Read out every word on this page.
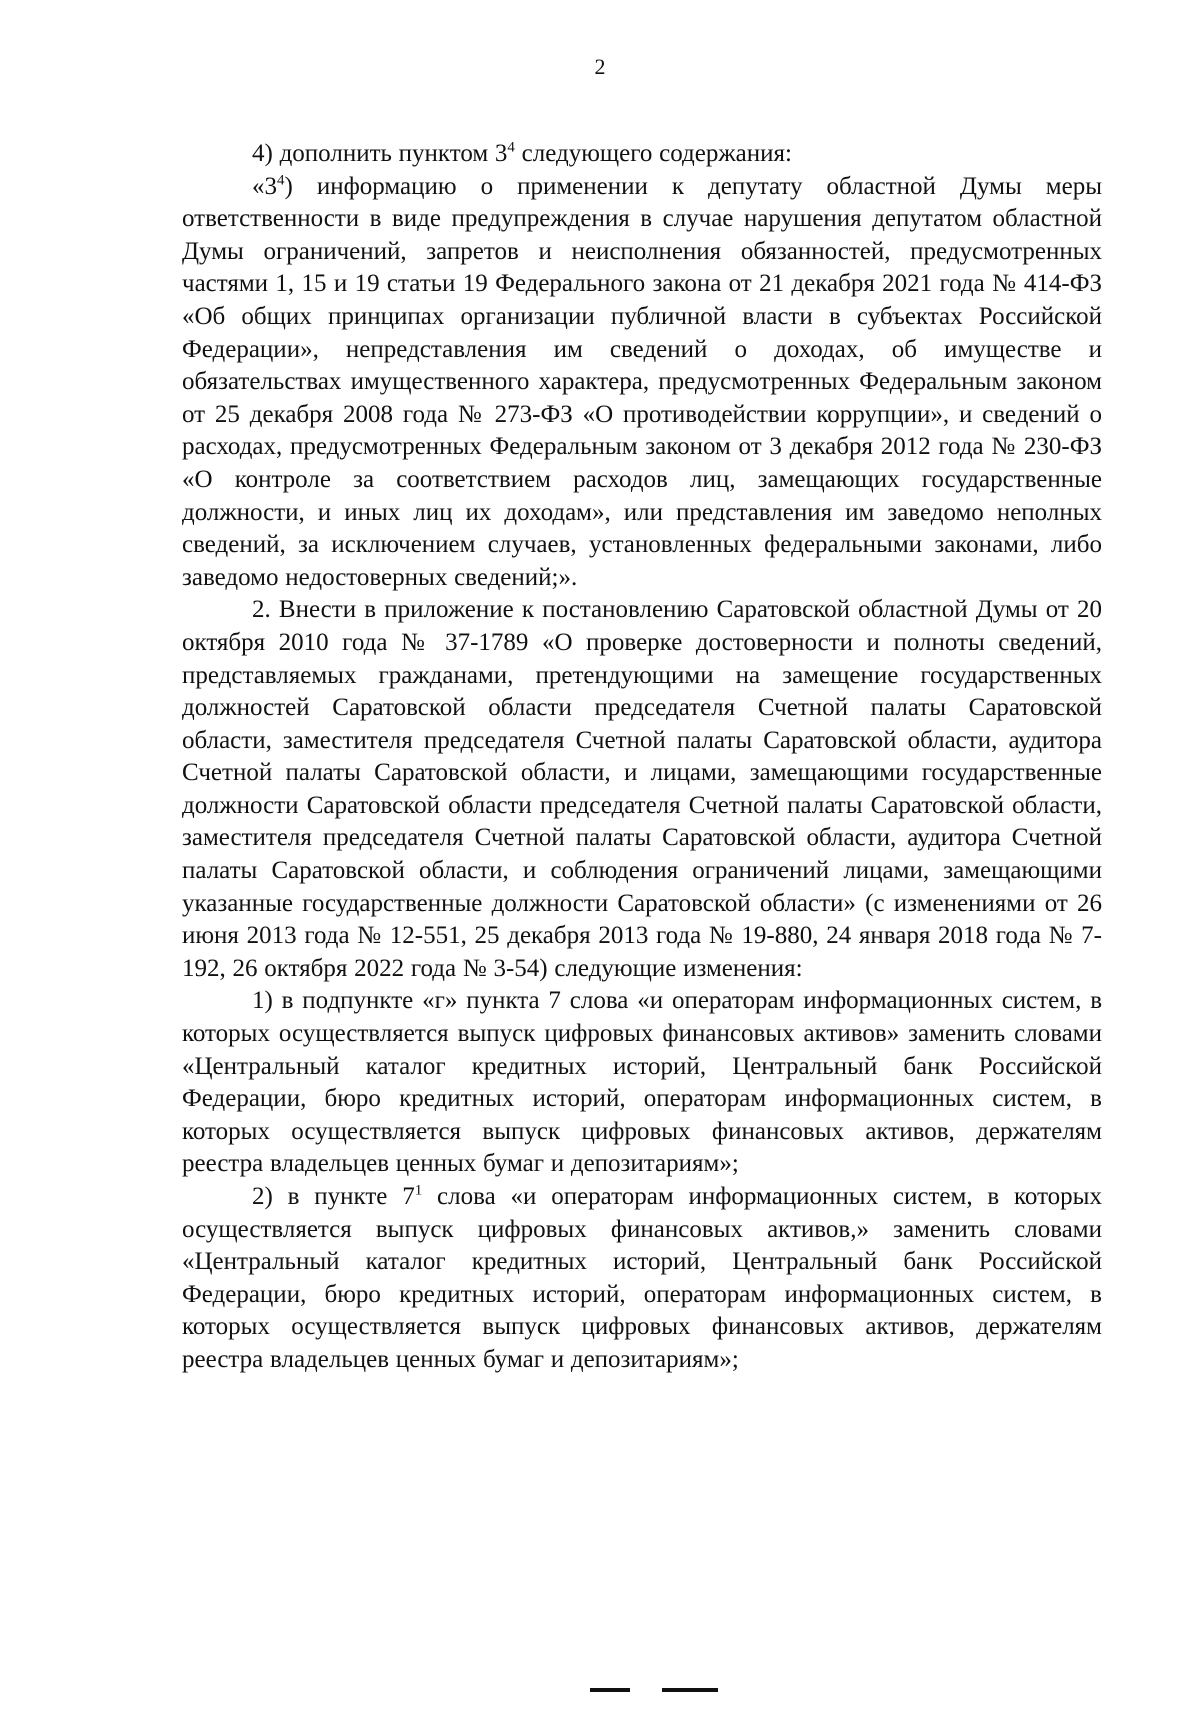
2

4) дополнить пунктом $3^4$ следующего содержания:

«$3^4$) информацию о применении к депутату областной Думы меры ответственности в виде предупреждения в случае нарушения депутатом областной Думы ограничений, запретов и неисполнения обязанностей, предусмотренных частями 1, 15 и 19 статьи 19 Федерального закона от 21 декабря 2021 года № 414-ФЗ «Об общих принципах организации публичной власти в субъектах Российской Федерации», непредставления им сведений о доходах, об имуществе и обязательствах имущественного характера, предусмотренных Федеральным законом от 25 декабря 2008 года № 273-ФЗ «О противодействии коррупции», и сведений о расходах, предусмотренных Федеральным законом от 3 декабря 2012 года № 230-ФЗ «О контроле за соответствием расходов лиц, замещающих государственные должности, и иных лиц их доходам», или представления им заведомо неполных сведений, за исключением случаев, установленных федеральными законами, либо заведомо недостоверных сведений;».

2. Внести в приложение к постановлению Саратовской областной Думы от 20 октября 2010 года № 37-1789 «О проверке достоверности и полноты сведений, представляемых гражданами, претендующими на замещение государственных должностей Саратовской области председателя Счетной палаты Саратовской области, заместителя председателя Счетной палаты Саратовской области, аудитора Счетной палаты Саратовской области, и лицами, замещающими государственные должности Саратовской области председателя Счетной палаты Саратовской области, заместителя председателя Счетной палаты Саратовской области, аудитора Счетной палаты Саратовской области, и соблюдения ограничений лицами, замещающими указанные государственные должности Саратовской области» (с изменениями от 26 июня 2013 года № 12-551, 25 декабря 2013 года № 19-880, 24 января 2018 года № 7-192, 26 октября 2022 года № 3-54) следующие изменения:

1) в подпункте «г» пункта 7 слова «и операторам информационных систем, в которых осуществляется выпуск цифровых финансовых активов» заменить словами «Центральный каталог кредитных историй, Центральный банк Российской Федерации, бюро кредитных историй, операторам информационных систем, в которых осуществляется выпуск цифровых финансовых активов, держателям реестра владельцев ценных бумаг и депозитариям»;

2) в пункте $7^1$ слова «и операторам информационных систем, в которых осуществляется выпуск цифровых финансовых активов,» заменить словами «Центральный каталог кредитных историй, Центральный банк Российской Федерации, бюро кредитных историй, операторам информационных систем, в которых осуществляется выпуск цифровых финансовых активов, держателям реестра владельцев ценных бумаг и депозитариям»;
